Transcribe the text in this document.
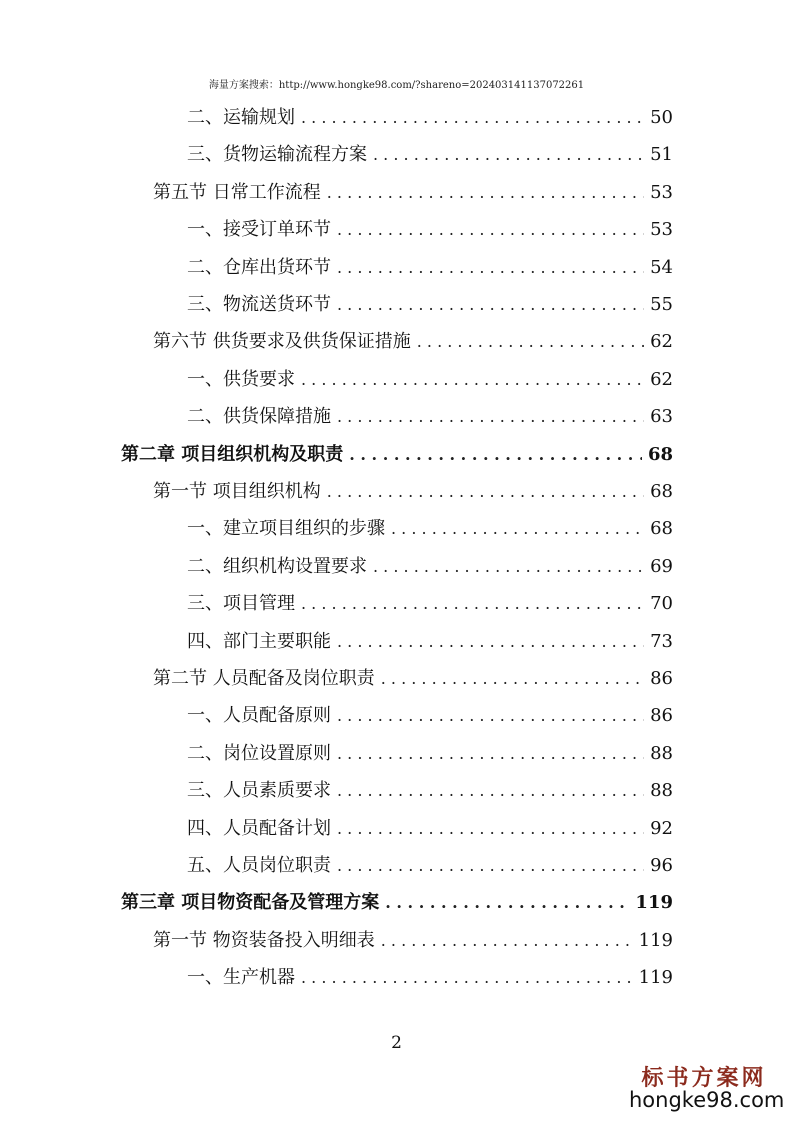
海量方案搜索：http://www.hongke98.com/?shareno=202403141137072261
二、运输规划 . . .	50
三、货物运输流程方案 . . .	51
第五节 日常工作流程 . . .	53
一、接受订单环节 . . .	53
二、仓库出货环节 . . .	54
三、物流送货环节 . . .	55
第六节 供货要求及供货保证措施 . . .	62
一、供货要求 . . .	62
二、供货保障措施 . . .	63
第二章 项目组织机构及职责 . . .	68
第一节 项目组织机构 . . .	68
一、建立项目组织的步骤 . . .	68
二、组织机构设置要求 . . .	69
三、项目管理 . . .	70
四、部门主要职能 . . .	73
第二节 人员配备及岗位职责 . . .	86
一、人员配备原则 . . .	86
二、岗位设置原则 . . .	88
三、人员素质要求 . . .	88
四、人员配备计划 . . .	92
五、人员岗位职责 . . .	96
第三章 项目物资配备及管理方案 . . .	119
第一节 物资装备投入明细表 . . .	119
一、生产机器 . . .	119
2
标书方案网
hongke98.com
